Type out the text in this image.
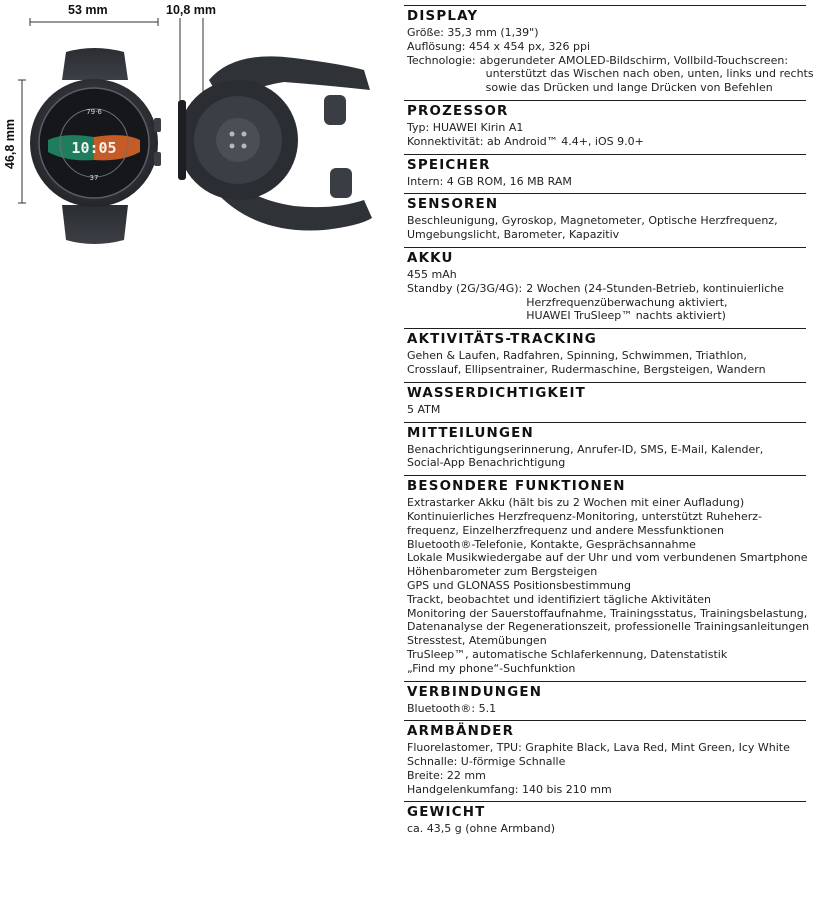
53 mm	10,8 mm
46,8 mm
79·6
10:05
37
DISPLAY
Größe: 35,3 mm (1,39")
Auflösung: 454 x 454 px, 326 ppi
Technologie: abgerundeter AMOLED-Bildschirm, Vollbild-Touchscreen:
unterstützt das Wischen nach oben, unten, links und rechts
sowie das Drücken und lange Drücken von Befehlen
PROZESSOR
Typ: HUAWEI Kirin A1
Konnektivität: ab Android™ 4.4+, iOS 9.0+
SPEICHER
Intern: 4 GB ROM, 16 MB RAM
SENSOREN
Beschleunigung, Gyroskop, Magnetometer, Optische Herzfrequenz,
Umgebungslicht, Barometer, Kapazitiv
AKKU
455 mAh
Standby (2G/3G/4G): 2 Wochen (24-Stunden-Betrieb, kontinuierliche
Herzfrequenzüberwachung aktiviert,
HUAWEI TruSleep™ nachts aktiviert)
AKTIVITÄTS-TRACKING
Gehen & Laufen, Radfahren, Spinning, Schwimmen, Triathlon,
Crosslauf, Ellipsentrainer, Rudermaschine, Bergsteigen, Wandern
WASSERDICHTIGKEIT
5 ATM
MITTEILUNGEN
Benachrichtigungserinnerung, Anrufer-ID, SMS, E-Mail, Kalender,
Social-App Benachrichtigung
BESONDERE FUNKTIONEN
Extrastarker Akku (hält bis zu 2 Wochen mit einer Aufladung)
Kontinuierliches Herzfrequenz-Monitoring, unterstützt Ruheherz-
frequenz, Einzelherzfrequenz und andere Messfunktionen
Bluetooth®-Telefonie, Kontakte, Gesprächsannahme
Lokale Musikwiedergabe auf der Uhr und vom verbundenen Smartphone
Höhenbarometer zum Bergsteigen
GPS und GLONASS Positionsbestimmung
Trackt, beobachtet und identifiziert tägliche Aktivitäten
Monitoring der Sauerstoffaufnahme, Trainingsstatus, Trainingsbelastung,
Datenanalyse der Regenerationszeit, professionelle Trainingsanleitungen
Stresstest, Atemübungen
TruSleep™, automatische Schlaferkennung, Datenstatistik
„Find my phone“-Suchfunktion
VERBINDUNGEN
Bluetooth®: 5.1
ARMBÄNDER
Fluorelastomer, TPU: Graphite Black, Lava Red, Mint Green, Icy White
Schnalle: U-förmige Schnalle
Breite: 22 mm
Handgelenkumfang: 140 bis 210 mm
GEWICHT
ca. 43,5 g (ohne Armband)
